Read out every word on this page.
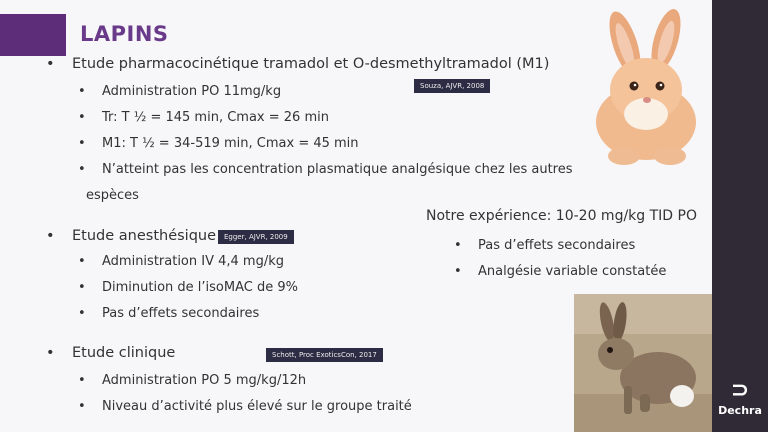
LAPINS
• Etude pharmacocinétique tramadol et O-desmethyltramadol (M1)
Souza, AJVR, 2008
• Administration PO 11mg/kg
• Tr: T ½ = 145 min, Cmax = 26 min
• M1: T ½ = 34-519 min, Cmax = 45 min
• N’atteint pas les concentration plasmatique analgésique chez les autres
espèces
• Etude anesthésique	Egger, AJVR, 2009
• Administration IV 4,4 mg/kg
• Diminution de l’isoMAC de 9%
• Pas d’effets secondaires
• Etude clinique	Schott, Proc ExoticsCon, 2017
• Administration PO 5 mg/kg/12h
• Niveau d’activité plus élevé sur le groupe traité
Notre expérience: 10-20 mg/kg TID PO
• Pas d’effets secondaires
• Analgésie variable constatée
⊃
Dechra
